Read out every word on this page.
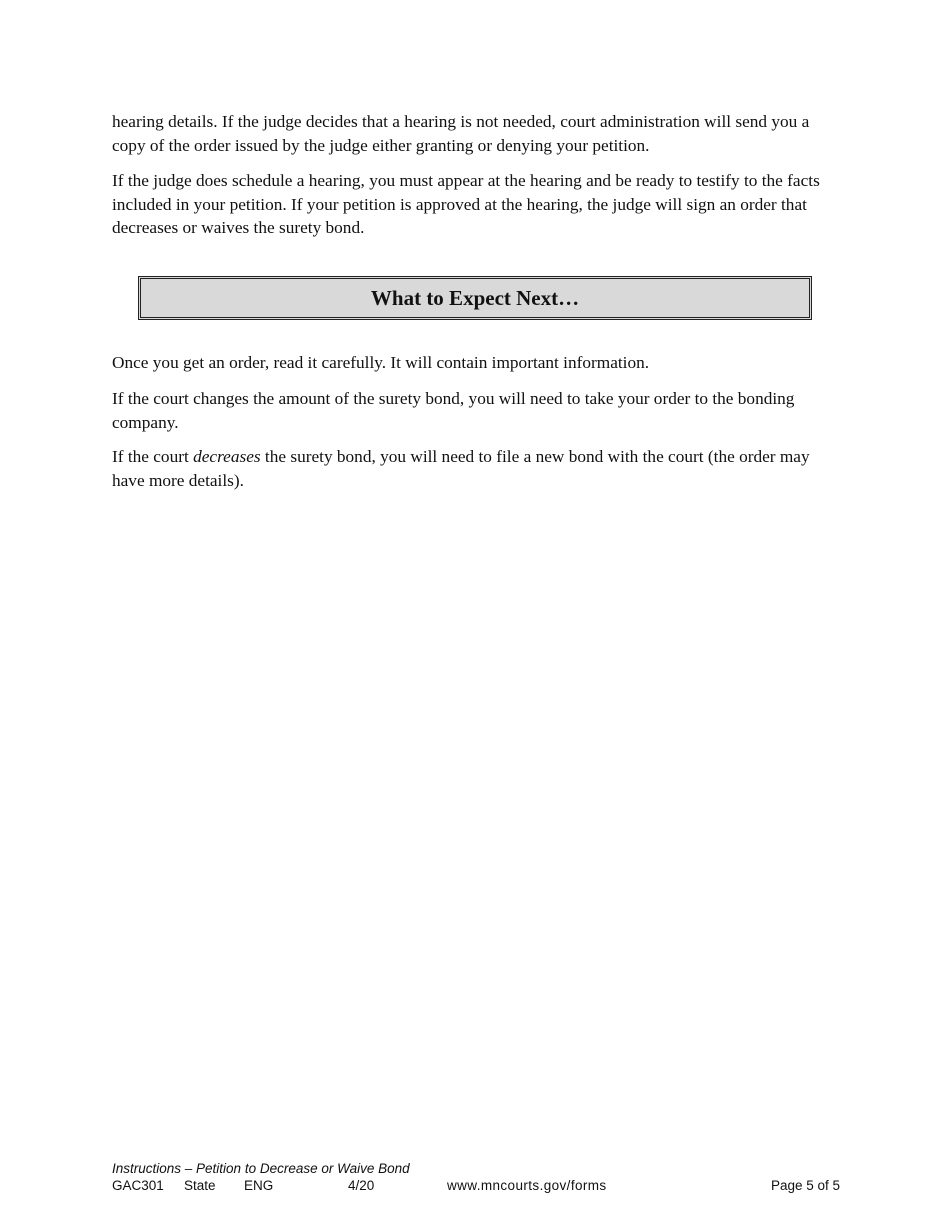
hearing details. If the judge decides that a hearing is not needed, court administration will send you a copy of the order issued by the judge either granting or denying your petition.

If the judge does schedule a hearing, you must appear at the hearing and be ready to testify to the facts included in your petition. If your petition is approved at the hearing, the judge will sign an order that decreases or waives the surety bond.

What to Expect Next…

Once you get an order, read it carefully. It will contain important information.

If the court changes the amount of the surety bond, you will need to take your order to the bonding company.

If the court decreases the surety bond, you will need to file a new bond with the court (the order may have more details).

Instructions – Petition to Decrease or Waive Bond
GAC301 State ENG	4/20	www.mncourts.gov/forms	Page 5 of 5
